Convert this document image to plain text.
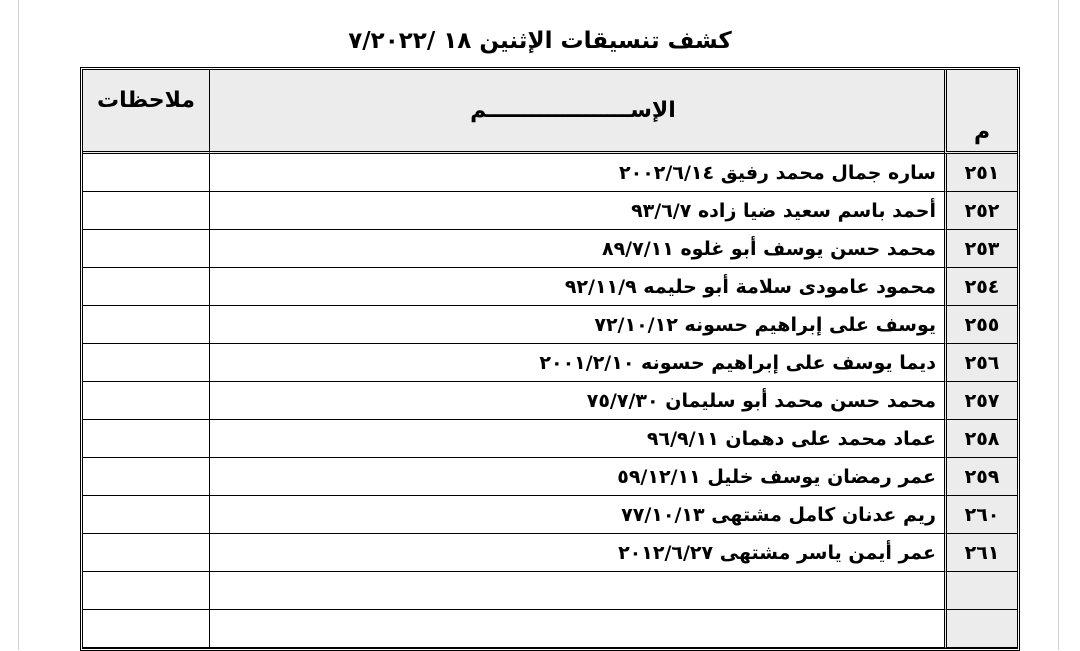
كشف تنسيقات الإثنين ١٨ /٧/٢٠٢٢
م	الإســـــــــــــــــــم	ملاحظات
٢٥١	ساره جمال محمد رفيق ٢٠٠٢/٦/١٤	
٢٥٢	أحمد باسم سعيد ضيا زاده ٩٣/٦/٧	
٢٥٣	محمد حسن يوسف أبو غلوه ٨٩/٧/١١	
٢٥٤	محمود عامودى سلامة أبو حليمه ٩٢/١١/٩	
٢٥٥	يوسف على إبراهيم حسونه ٧٢/١٠/١٢	
٢٥٦	ديما يوسف على إبراهيم حسونه ٢٠٠١/٢/١٠	
٢٥٧	محمد حسن محمد أبو سليمان ٧٥/٧/٣٠	
٢٥٨	عماد محمد على دهمان ٩٦/٩/١١	
٢٥٩	عمر رمضان يوسف خليل ٥٩/١٢/١١	
٢٦٠	ريم عدنان كامل مشتهى ٧٧/١٠/١٣	
٢٦١	عمر أيمن ياسر مشتهى ٢٠١٢/٦/٢٧	
